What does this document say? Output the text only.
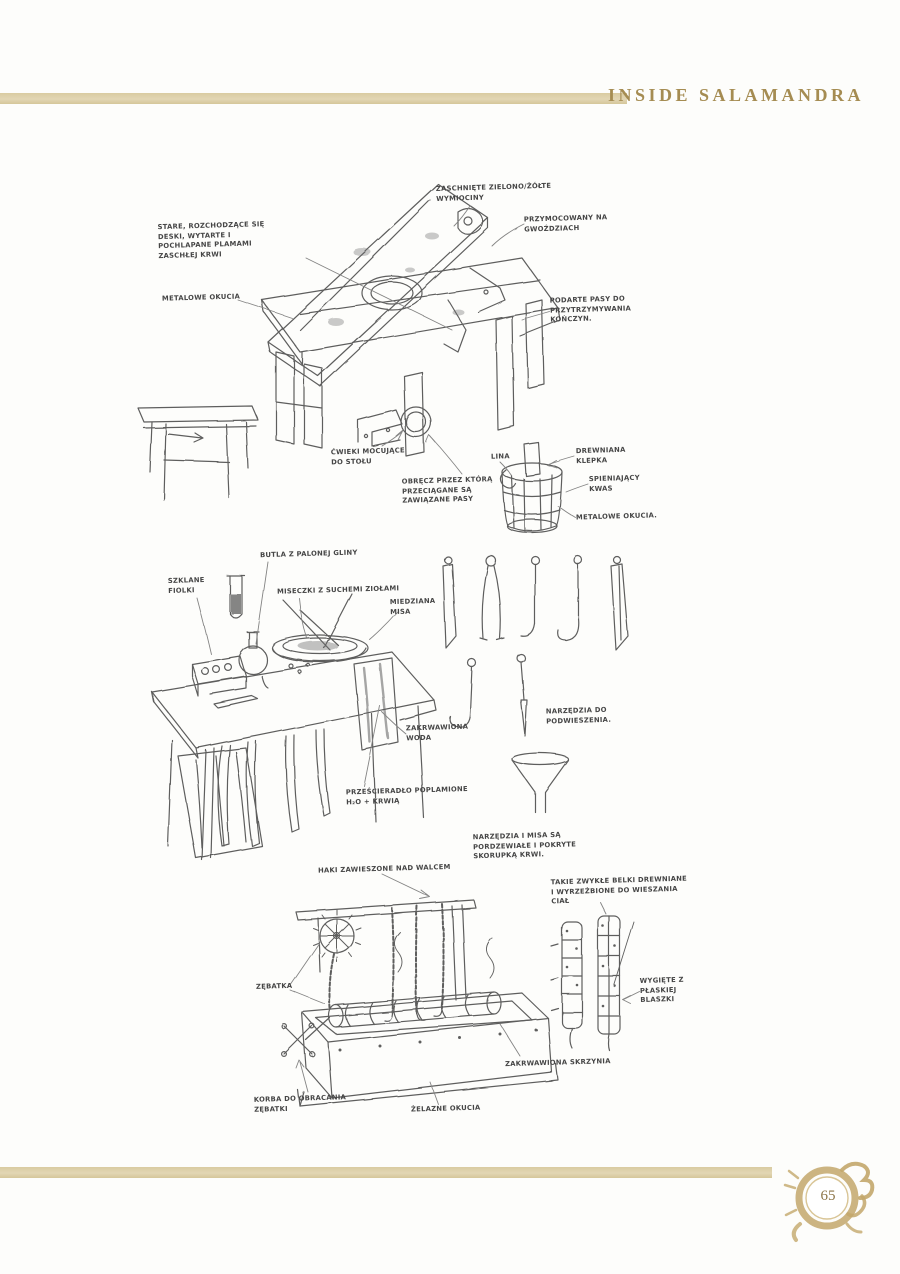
INSIDE SALAMANDRA
ZASCHNIĘTE ZIELONO/ŻÓŁTE
WYMIOCINY
PRZYMOCOWANY NA
GWOŹDZIACH
STARE, ROZCHODZĄCE SIĘ
DESKI, WYTARTE I
POCHLAPANE PLAMAMI
ZASCHŁEJ KRWI
METALOWE OKUCIA	PODARTE PASY DO
PRZYTRZYMYWANIA
KOŃCZYN.
ĆWIEKI MOCUJĄCE
DO STOŁU
OBRĘCZ PRZEZ KTÓRĄ
PRZECIĄGANE SĄ
ZAWIĄZANE PASY
LINA
DREWNIANA
KLEPKA
SPIENIAJĄCY
KWAS
METALOWE OKUCIA.
BUTLA Z PALONEJ GLINY
SZKLANE
FIOLKI	MISECZKI Z SUCHEMI ZIOŁAMI
MIEDZIANA
MISA
ZAKRWAWIONA
WODA
NARZĘDZIA DO
PODWIESZENIA.
PRZEŚCIERADŁO POPLAMIONE
H₂O + KRWIĄ
NARZĘDZIA I MISA SĄ
PORDZEWIAŁE I POKRYTE
SKORUPKĄ KRWI.
HAKI ZAWIESZONE NAD WALCEM
TAKIE ZWYKŁE BELKI DREWNIANE
I WYRZEŹBIONE DO WIESZANIA
CIAŁ
ZĘBATKA
WYGIĘTE Z
PŁASKIEJ
BLASZKI
ZAKRWAWIONA SKRZYNIA
KORBA DO OBRACANIA
ZĘBATKI	ŻELAZNE OKUCIA
65
